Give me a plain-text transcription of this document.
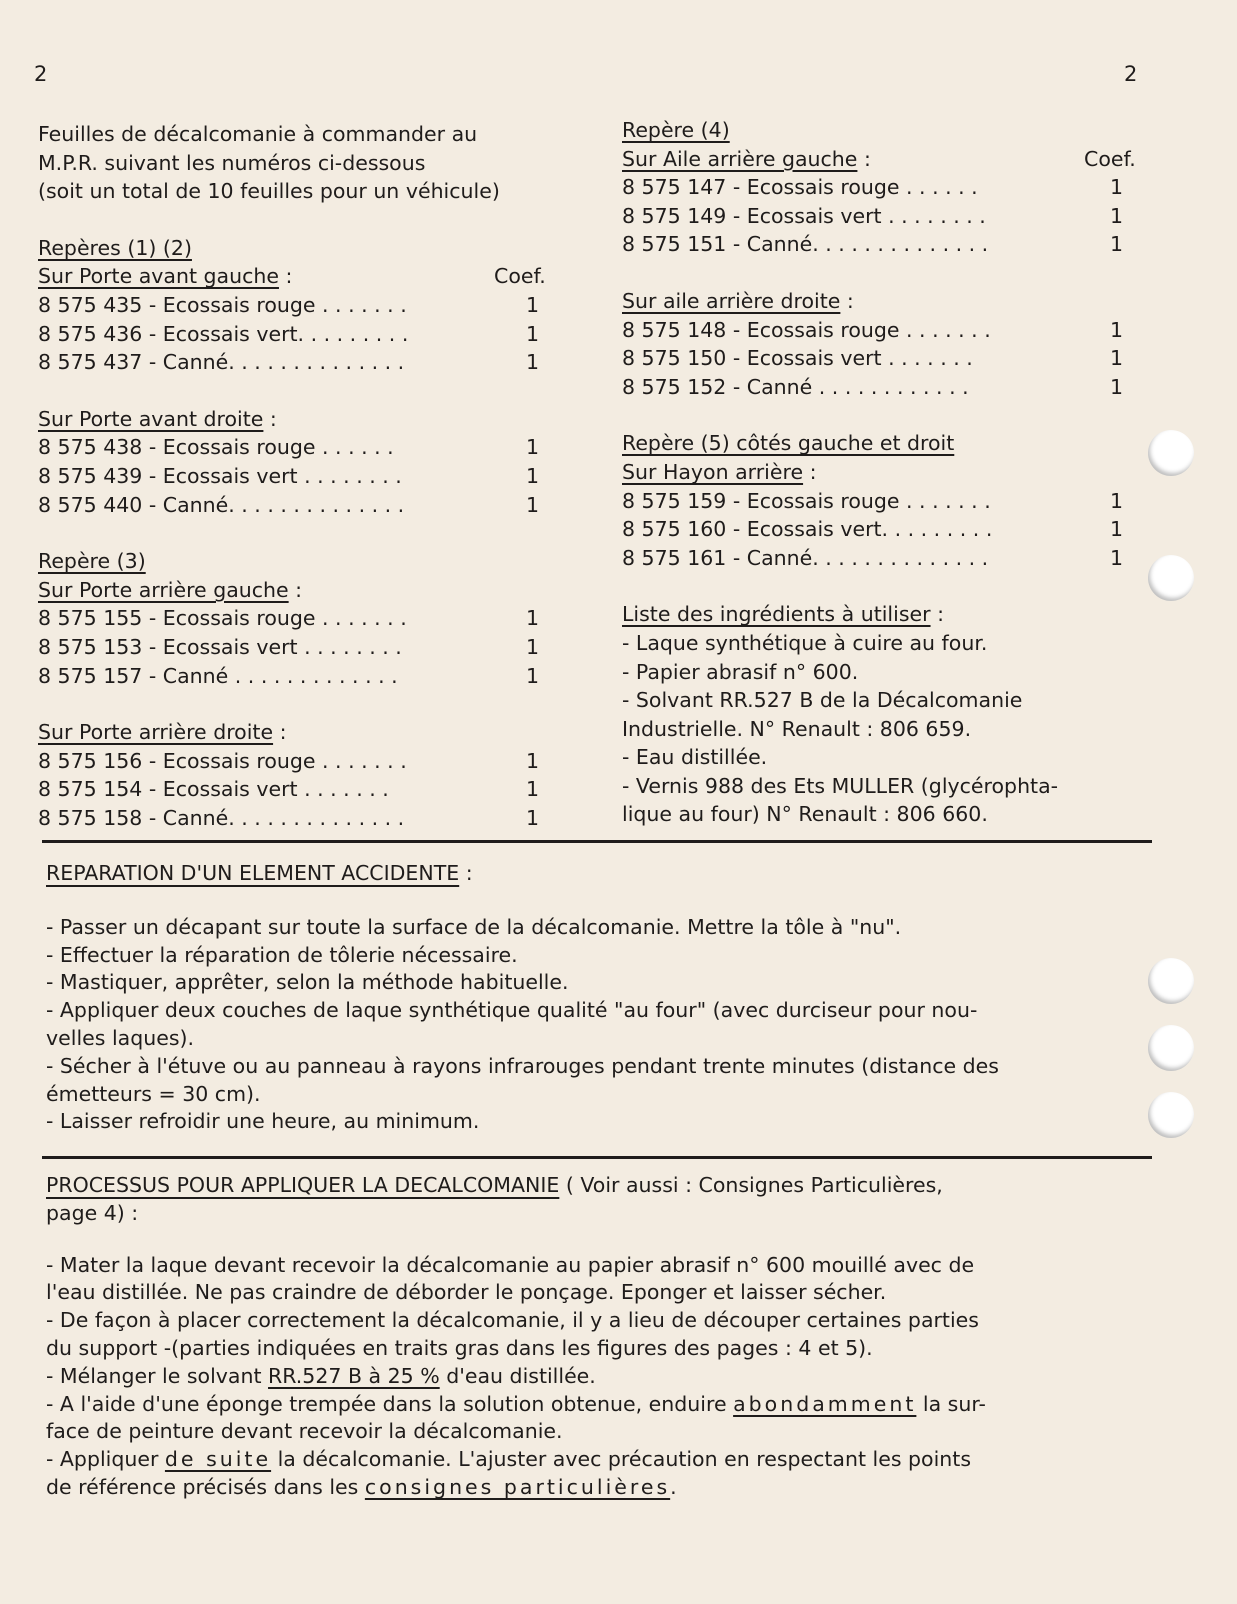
2	2
Feuilles de décalcomanie à commander au
M.P.R. suivant les numéros ci-dessous
(soit un total de 10 feuilles pour un véhicule)
Repères (1) (2)
Sur Porte avant gauche :	Coef.
8 575 435 - Ecossais rouge . . . . . . .	1
8 575 436 - Ecossais vert. . . . . . . . .	1
8 575 437 - Canné. . . . . . . . . . . . . .	1
Sur Porte avant droite :
8 575 438 - Ecossais rouge . . . . . .	1
8 575 439 - Ecossais vert . . . . . . . .	1
8 575 440 - Canné. . . . . . . . . . . . . .	1
Repère (3)
Sur Porte arrière gauche :
8 575 155 - Ecossais rouge . . . . . . .	1
8 575 153 - Ecossais vert . . . . . . . .	1
8 575 157 - Canné . . . . . . . . . . . . .	1
Sur Porte arrière droite :
8 575 156 - Ecossais rouge . . . . . . .	1
8 575 154 - Ecossais vert . . . . . . .	1
8 575 158 - Canné. . . . . . . . . . . . . .	1
Repère (4)
Sur Aile arrière gauche :	Coef.
8 575 147 - Ecossais rouge . . . . . .	1
8 575 149 - Ecossais vert . . . . . . . .	1
8 575 151 - Canné. . . . . . . . . . . . . .	1
Sur aile arrière droite :
8 575 148 - Ecossais rouge . . . . . . .	1
8 575 150 - Ecossais vert . . . . . . .	1
8 575 152 - Canné . . . . . . . . . . . .	1
Repère (5) côtés gauche et droit
Sur Hayon arrière :
8 575 159 - Ecossais rouge . . . . . . .	1
8 575 160 - Ecossais vert. . . . . . . . .	1
8 575 161 - Canné. . . . . . . . . . . . . .	1
Liste des ingrédients à utiliser :
- Laque synthétique à cuire au four.
- Papier abrasif n° 600.
- Solvant RR.527 B de la Décalcomanie
Industrielle. N° Renault : 806 659.
- Eau distillée.
- Vernis 988 des Ets MULLER (glycérophta-
lique au four) N° Renault : 806 660.
REPARATION D'UN ELEMENT ACCIDENTE :
- Passer un décapant sur toute la surface de la décalcomanie. Mettre la tôle à "nu".
- Effectuer la réparation de tôlerie nécessaire.
- Mastiquer, apprêter, selon la méthode habituelle.
- Appliquer deux couches de laque synthétique qualité "au four" (avec durciseur pour nou-
velles laques).
- Sécher à l'étuve ou au panneau à rayons infrarouges pendant trente minutes (distance des
émetteurs = 30 cm).
- Laisser refroidir une heure, au minimum.
PROCESSUS POUR APPLIQUER LA DECALCOMANIE ( Voir aussi : Consignes Particulières,
page 4) :
- Mater la laque devant recevoir la décalcomanie au papier abrasif n° 600 mouillé avec de
l'eau distillée. Ne pas craindre de déborder le ponçage. Eponger et laisser sécher.
- De façon à placer correctement la décalcomanie, il y a lieu de découper certaines parties
du support -(parties indiquées en traits gras dans les figures des pages : 4 et 5).
- Mélanger le solvant RR.527 B à 25 % d'eau distillée.
- A l'aide d'une éponge trempée dans la solution obtenue, enduire abondamment la sur-
face de peinture devant recevoir la décalcomanie.
- Appliquer de suite la décalcomanie. L'ajuster avec précaution en respectant les points
de référence précisés dans les consignes particulières.
